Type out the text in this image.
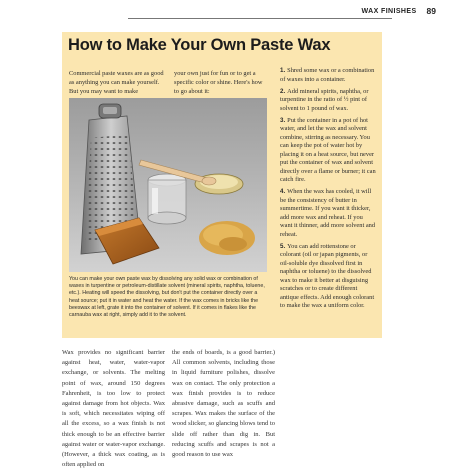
WAX FINISHES 89
How to Make Your Own Paste Wax

Commercial paste waxes are as good as anything you can make yourself. But you may want to make

your own just for fun or to get a specific color or shine. Here's how to go about it:

You can make your own paste wax by dissolving any solid wax or combination of waxes in turpentine or petroleum-distillate solvent (mineral spirits, naphtha, toluene, etc.). Heating will speed the dissolving, but don't put the container directly over a heat source; put it in water and heat the water. If the wax comes in bricks like the beeswax at left, grate it into the container of solvent. If it comes in flakes like the carnauba wax at right, simply add it to the solvent.

1. Shred some wax or a combination of waxes into a container.

2. Add mineral spirits, naphtha, or turpentine in the ratio of ½ pint of solvent to 1 pound of wax.

3. Put the container in a pot of hot water, and let the wax and solvent combine, stirring as necessary. You can keep the pot of water hot by placing it on a heat source, but never put the container of wax and solvent directly over a flame or burner; it can catch fire.

4. When the wax has cooled, it will be the consistency of butter in summertime. If you want it thicker, add more wax and reheat. If you want it thinner, add more solvent and reheat.

5. You can add rottenstone or colorant (oil or japan pigments, or oil-soluble dye dissolved first in naphtha or toluene) to the dissolved wax to make it better at disguising scratches or to create different antique effects. Add enough colorant to make the wax a uniform color.

Wax provides no significant barrier against heat, water, water-vapor exchange, or solvents. The melting point of wax, around 150 degrees Fahrenheit, is too low to protect against damage from hot objects. Wax is soft, which necessitates wiping off all the excess, so a wax finish is not thick enough to be an effective barrier against water or water-vapor exchange. (However, a thick wax coating, as is often applied on

the ends of boards, is a good barrier.) All common solvents, including those in liquid furniture polishes, dissolve wax on contact. The only protection a wax finish provides is to reduce abrasive damage, such as scuffs and scrapes. Wax makes the surface of the wood slicker, so glancing blows tend to slide off rather than dig in. But reducing scuffs and scrapes is not a good reason to use wax
